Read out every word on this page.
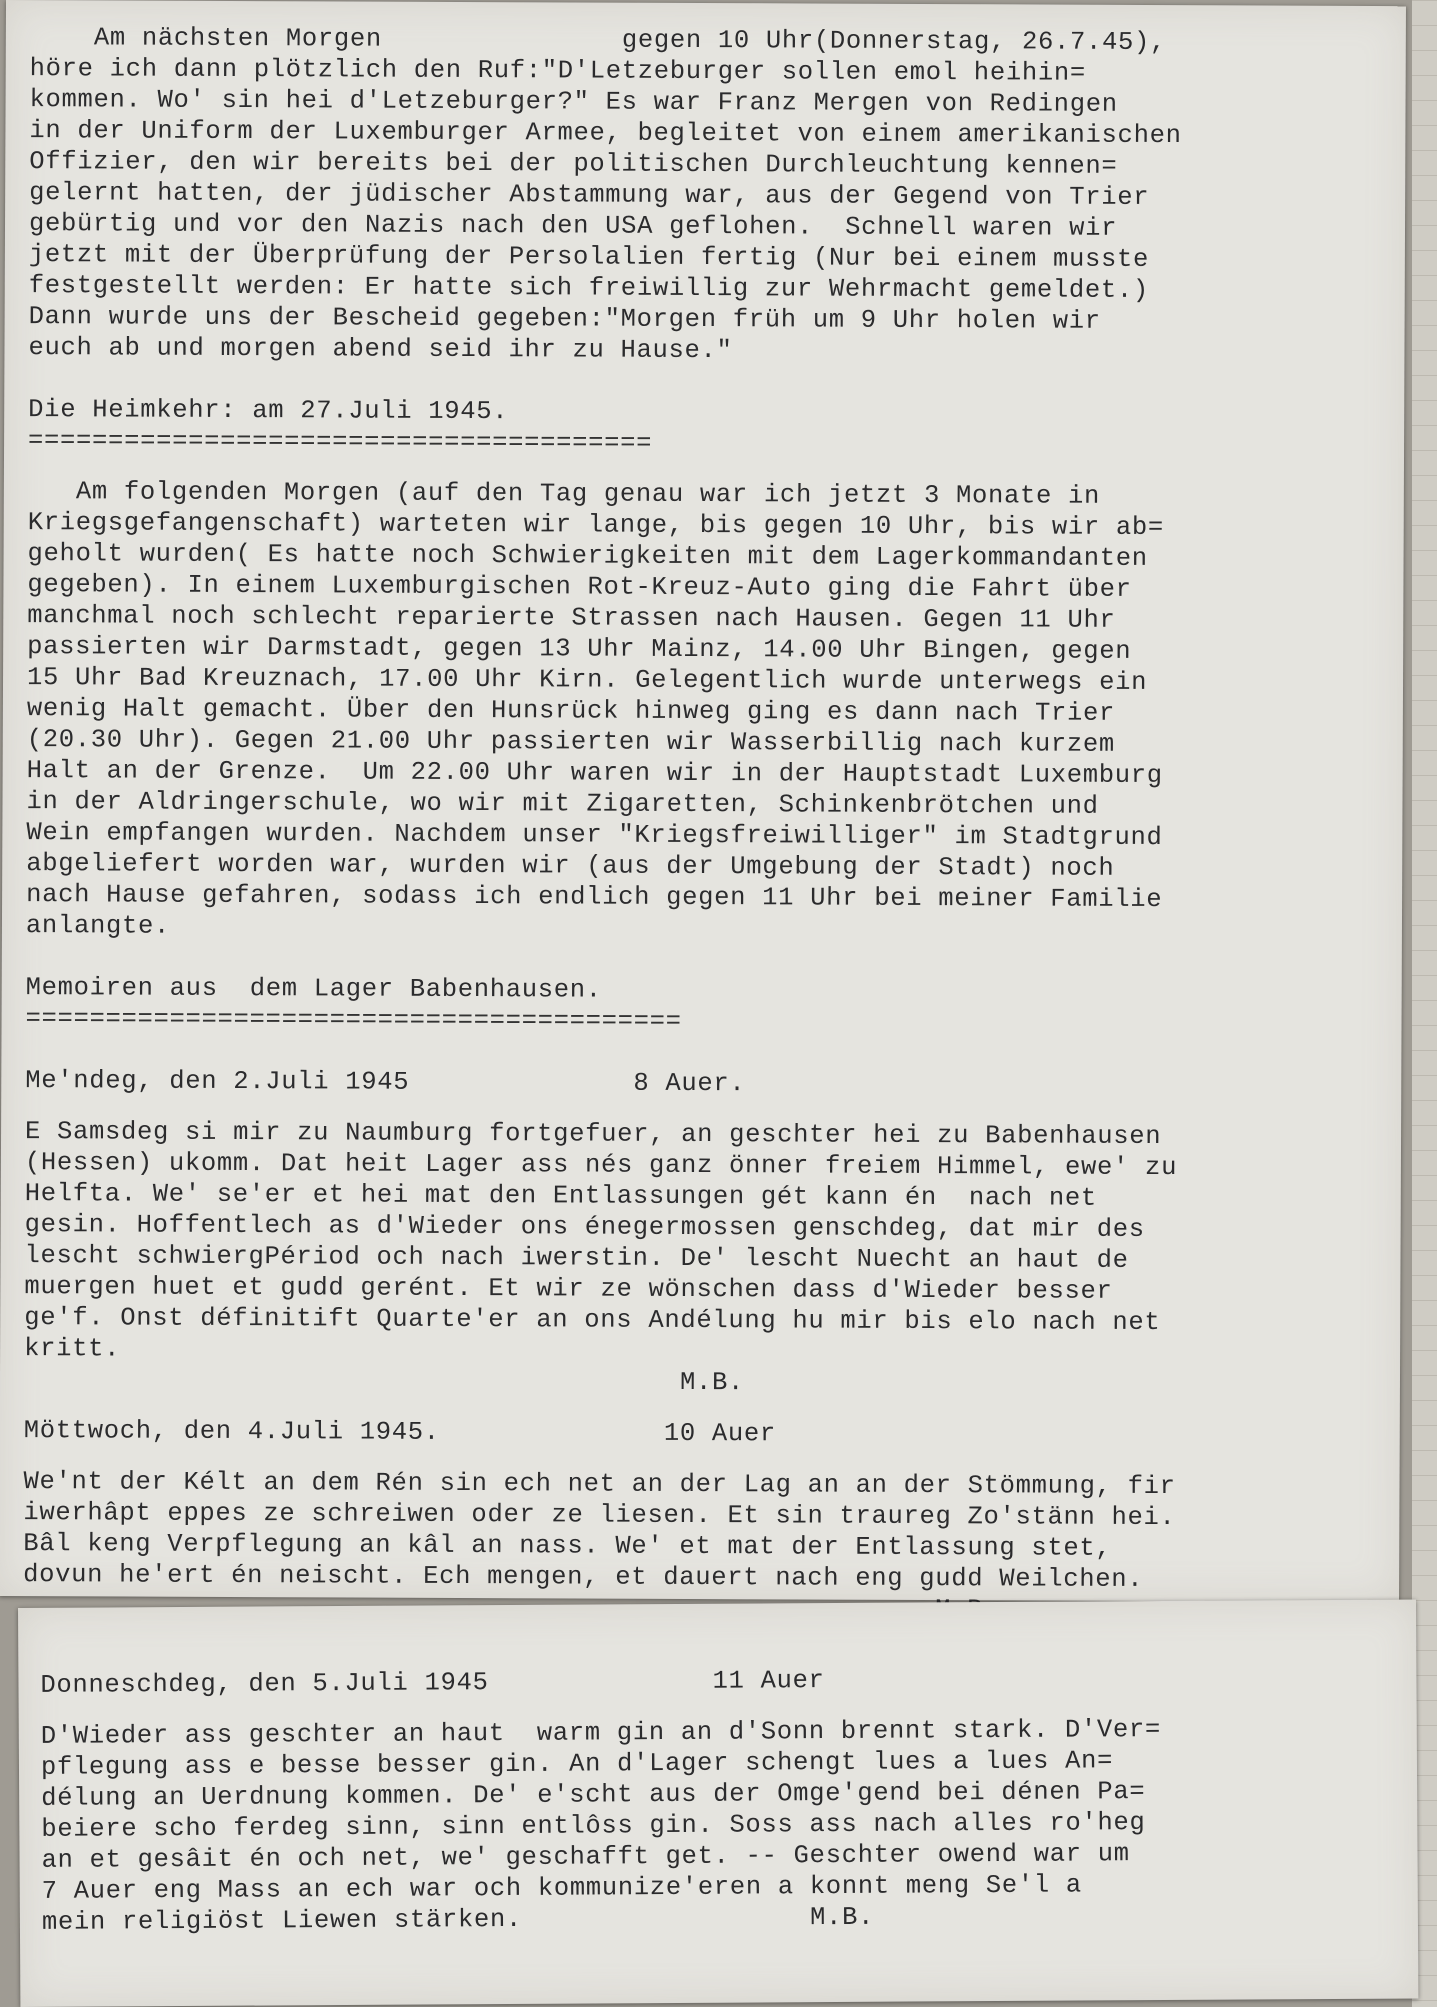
Am nächsten Morgen               gegen 10 Uhr(Donnerstag, 26.7.45),

höre ich dann plötzlich den Ruf:"D'Letzeburger sollen emol heihin=

kommen. Wo' sin hei d'Letzeburger?" Es war Franz Mergen von Redingen

in der Uniform der Luxemburger Armee, begleitet von einem amerikanischen

Offizier, den wir bereits bei der politischen Durchleuchtung kennen=

gelernt hatten, der jüdischer Abstammung war, aus der Gegend von Trier

gebürtig und vor den Nazis nach den USA geflohen.  Schnell waren wir

jetzt mit der Überprüfung der Persolalien fertig (Nur bei einem musste

festgestellt werden: Er hatte sich freiwillig zur Wehrmacht gemeldet.)

Dann wurde uns der Bescheid gegeben:"Morgen früh um 9 Uhr holen wir

euch ab und morgen abend seid ihr zu Hause."

Die Heimkehr: am 27.Juli 1945.

=======================================

Am folgenden Morgen (auf den Tag genau war ich jetzt 3 Monate in

Kriegsgefangenschaft) warteten wir lange, bis gegen 10 Uhr, bis wir ab=

geholt wurden( Es hatte noch Schwierigkeiten mit dem Lagerkommandanten

gegeben). In einem Luxemburgischen Rot-Kreuz-Auto ging die Fahrt über

manchmal noch schlecht reparierte Strassen nach Hausen. Gegen 11 Uhr

passierten wir Darmstadt, gegen 13 Uhr Mainz, 14.00 Uhr Bingen, gegen

15 Uhr Bad Kreuznach, 17.00 Uhr Kirn. Gelegentlich wurde unterwegs ein

wenig Halt gemacht. Über den Hunsrück hinweg ging es dann nach Trier

(20.30 Uhr). Gegen 21.00 Uhr passierten wir Wasserbillig nach kurzem

Halt an der Grenze.  Um 22.00 Uhr waren wir in der Hauptstadt Luxemburg

in der Aldringerschule, wo wir mit Zigaretten, Schinkenbrötchen und

Wein empfangen wurden. Nachdem unser "Kriegsfreiwilliger" im Stadtgrund

abgeliefert worden war, wurden wir (aus der Umgebung der Stadt) noch

nach Hause gefahren, sodass ich endlich gegen 11 Uhr bei meiner Familie

anlangte.

Memoiren aus  dem Lager Babenhausen.

=========================================

Me'ndeg, den 2.Juli 1945              8 Auer.

E Samsdeg si mir zu Naumburg fortgefuer, an geschter hei zu Babenhausen

(Hessen) ukomm. Dat heit Lager ass nés ganz önner freiem Himmel, ewe' zu

Helfta. We' se'er et hei mat den Entlassungen gét kann én  nach net

gesin. Hoffentlech as d'Wieder ons énegermossen genschdeg, dat mir des

lescht schwiergPériod och nach iwerstin. De' lescht Nuecht an haut de

muergen huet et gudd gerént. Et wir ze wönschen dass d'Wieder besser

ge'f. Onst définitift Quarte'er an ons Andélung hu mir bis elo nach net

kritt.

M.B.

Möttwoch, den 4.Juli 1945.              10 Auer

We'nt der Kélt an dem Rén sin ech net an der Lag an an der Stömmung, fir

iwerhâpt eppes ze schreiwen oder ze liesen. Et sin traureg Zo'stänn hei.

Bâl keng Verpflegung an kâl an nass. We' et mat der Entlassung stet,

dovun he'ert én neischt. Ech mengen, et dauert nach eng gudd Weilchen.

Donneschdeg, den 5.Juli 1945              11 Auer

D'Wieder ass geschter an haut  warm gin an d'Sonn brennt stark. D'Ver=

pflegung ass e besse besser gin. An d'Lager schengt lues a lues An=

délung an Uerdnung kommen. De' e'scht aus der Omge'gend bei dénen Pa=

beiere scho ferdeg sinn, sinn entlôss gin. Soss ass nach alles ro'heg

an et gesâit én och net, we' geschafft get. -- Geschter owend war um

7 Auer eng Mass an ech war och kommunize'eren a konnt meng Se'l a

mein religiöst Liewen stärken.                  M.B.
